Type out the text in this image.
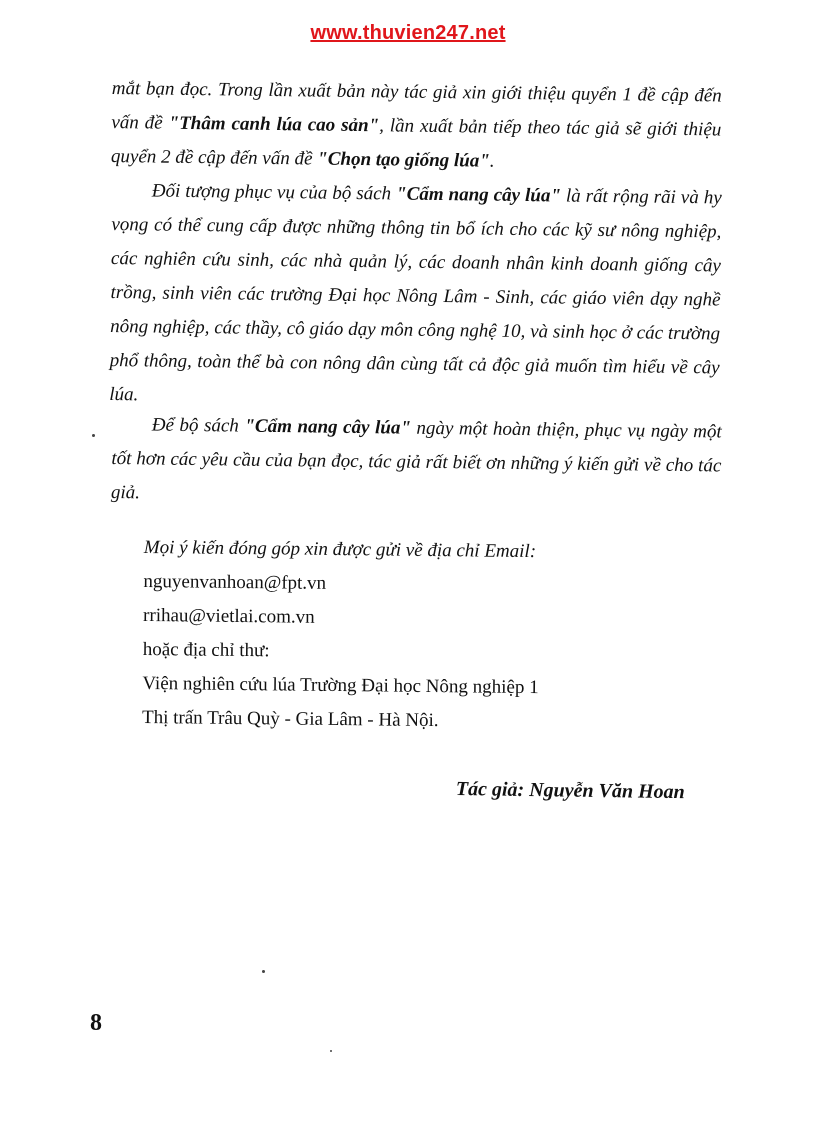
www.thuvien247.net

mắt bạn đọc. Trong lần xuất bản này tác giả xin giới thiệu quyển 1 đề cập đến vấn đề "Thâm canh lúa cao sản", lần xuất bản tiếp theo tác giả sẽ giới thiệu quyển 2 đề cập đến vấn đề "Chọn tạo giống lúa".

Đối tượng phục vụ của bộ sách "Cẩm nang cây lúa" là rất rộng rãi và hy vọng có thể cung cấp được những thông tin bổ ích cho các kỹ sư nông nghiệp, các nghiên cứu sinh, các nhà quản lý, các doanh nhân kinh doanh giống cây trồng, sinh viên các trường Đại học Nông Lâm - Sinh, các giáo viên dạy nghề nông nghiệp, các thầy, cô giáo dạy môn công nghệ 10, và sinh học ở các trường phổ thông, toàn thể bà con nông dân cùng tất cả độc giả muốn tìm hiểu về cây lúa.

Để bộ sách "Cẩm nang cây lúa" ngày một hoàn thiện, phục vụ ngày một tốt hơn các yêu cầu của bạn đọc, tác giả rất biết ơn những ý kiến gửi về cho tác giả.

Mọi ý kiến đóng góp xin được gửi về địa chỉ Email:
nguyenvanhoan@fpt.vn
rrihau@vietlai.com.vn
hoặc địa chỉ thư:
Viện nghiên cứu lúa Trường Đại học Nông nghiệp 1
Thị trấn Trâu Quỳ - Gia Lâm - Hà Nội.
Tác giả: Nguyễn Văn Hoan
8
